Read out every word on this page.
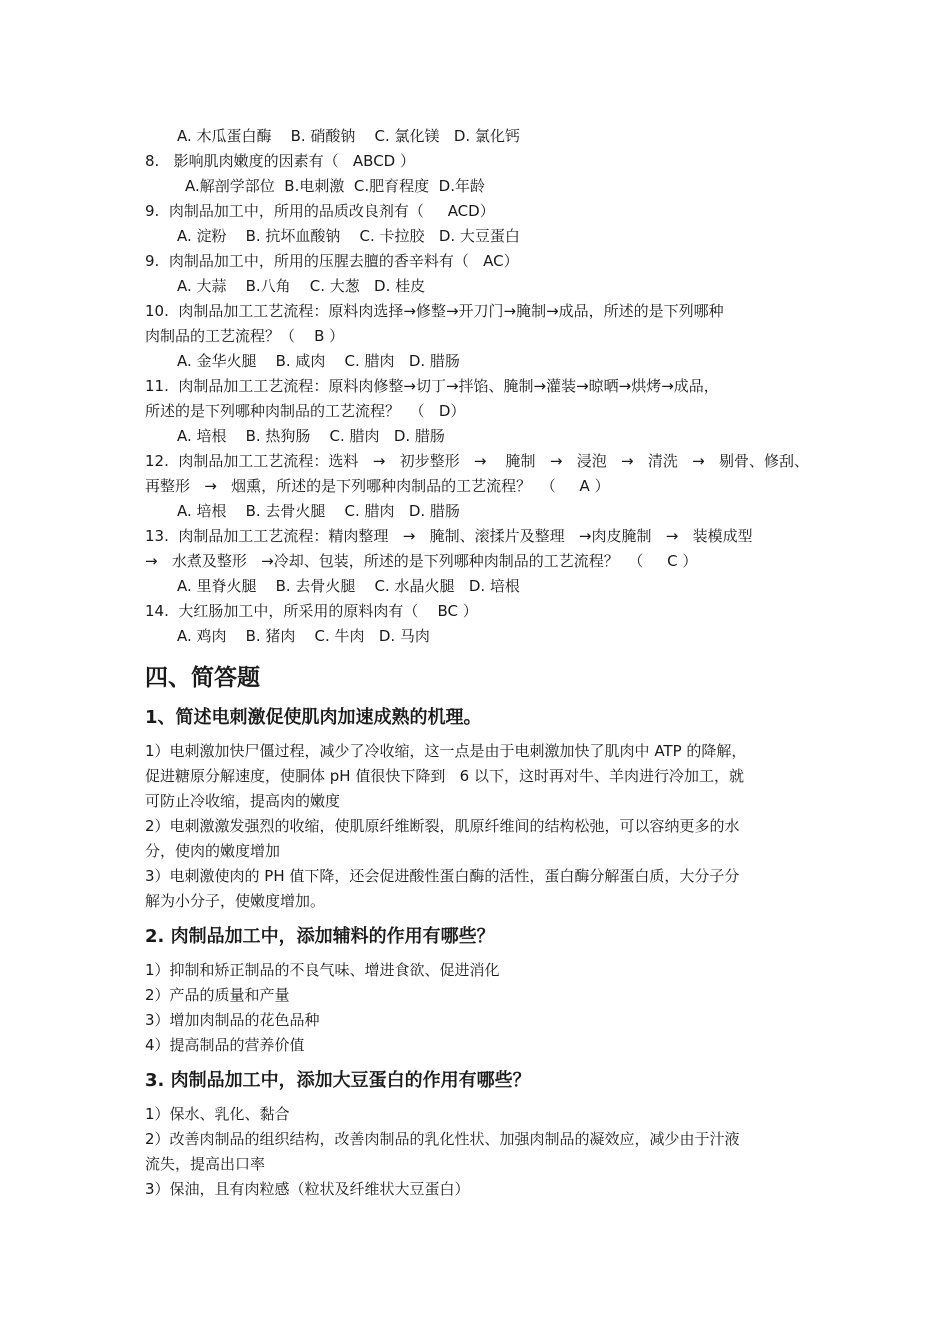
A. 木瓜蛋白酶    B. 硝酸钠    C. 氯化镁   D. 氯化钙
8.   影响肌肉嫩度的因素有（   ABCD ）
A.解剖学部位  B.电刺激  C.肥育程度  D.年龄
9.  肉制品加工中，所用的品质改良剂有（     ACD）
A. 淀粉    B. 抗坏血酸钠    C. 卡拉胶   D. 大豆蛋白
9.  肉制品加工中，所用的压腥去膻的香辛料有（   AC）
A. 大蒜    B.八角    C. 大葱   D. 桂皮
10.  肉制品加工工艺流程：原料肉选择→修整→开刀门→腌制→成品，所述的是下列哪种
肉制品的工艺流程？（    B ）
A. 金华火腿    B. 咸肉    C. 腊肉   D. 腊肠
11.  肉制品加工工艺流程：原料肉修整→切丁→拌馅、腌制→灌装→晾晒→烘烤→成品，
所述的是下列哪种肉制品的工艺流程？  （   D）
A. 培根    B. 热狗肠    C. 腊肉   D. 腊肠
12.  肉制品加工工艺流程：选料   →   初步整形   →    腌制   →   浸泡   →   清洗   →   剔骨、修刮、
再整形   →   烟熏，所述的是下列哪种肉制品的工艺流程？  （     A ）
A. 培根    B. 去骨火腿    C. 腊肉   D. 腊肠
13.  肉制品加工工艺流程：精肉整理   →   腌制、滚揉片及整理   →肉皮腌制   →   装模成型
→   水煮及整形   →冷却、包装，所述的是下列哪种肉制品的工艺流程？  （     C ）
A. 里脊火腿    B. 去骨火腿    C. 水晶火腿   D. 培根
14.  大红肠加工中，所采用的原料肉有（    BC ）
A. 鸡肉    B. 猪肉    C. 牛肉   D. 马肉
四、简答题
1、简述电刺激促使肌肉加速成熟的机理。
1）电刺激加快尸僵过程，减少了冷收缩，这一点是由于电刺激加快了肌肉中 ATP 的降解，
促进糖原分解速度，使胴体 pH 值很快下降到   6 以下，这时再对牛、羊肉进行冷加工，就
可防止冷收缩，提高肉的嫩度
2）电刺激激发强烈的收缩，使肌原纤维断裂，肌原纤维间的结构松弛，可以容纳更多的水
分，使肉的嫩度增加
3）电刺激使肉的 PH 值下降，还会促进酸性蛋白酶的活性，蛋白酶分解蛋白质，大分子分
解为小分子，使嫩度增加。
2. 肉制品加工中，添加辅料的作用有哪些？
1）抑制和矫正制品的不良气味、增进食欲、促进消化
2）产品的质量和产量
3）增加肉制品的花色品种
4）提高制品的营养价值
3. 肉制品加工中，添加大豆蛋白的作用有哪些？
1）保水、乳化、黏合
2）改善肉制品的组织结构，改善肉制品的乳化性状、加强肉制品的凝效应，减少由于汁液
流失，提高出口率
3）保油，且有肉粒感（粒状及纤维状大豆蛋白）
